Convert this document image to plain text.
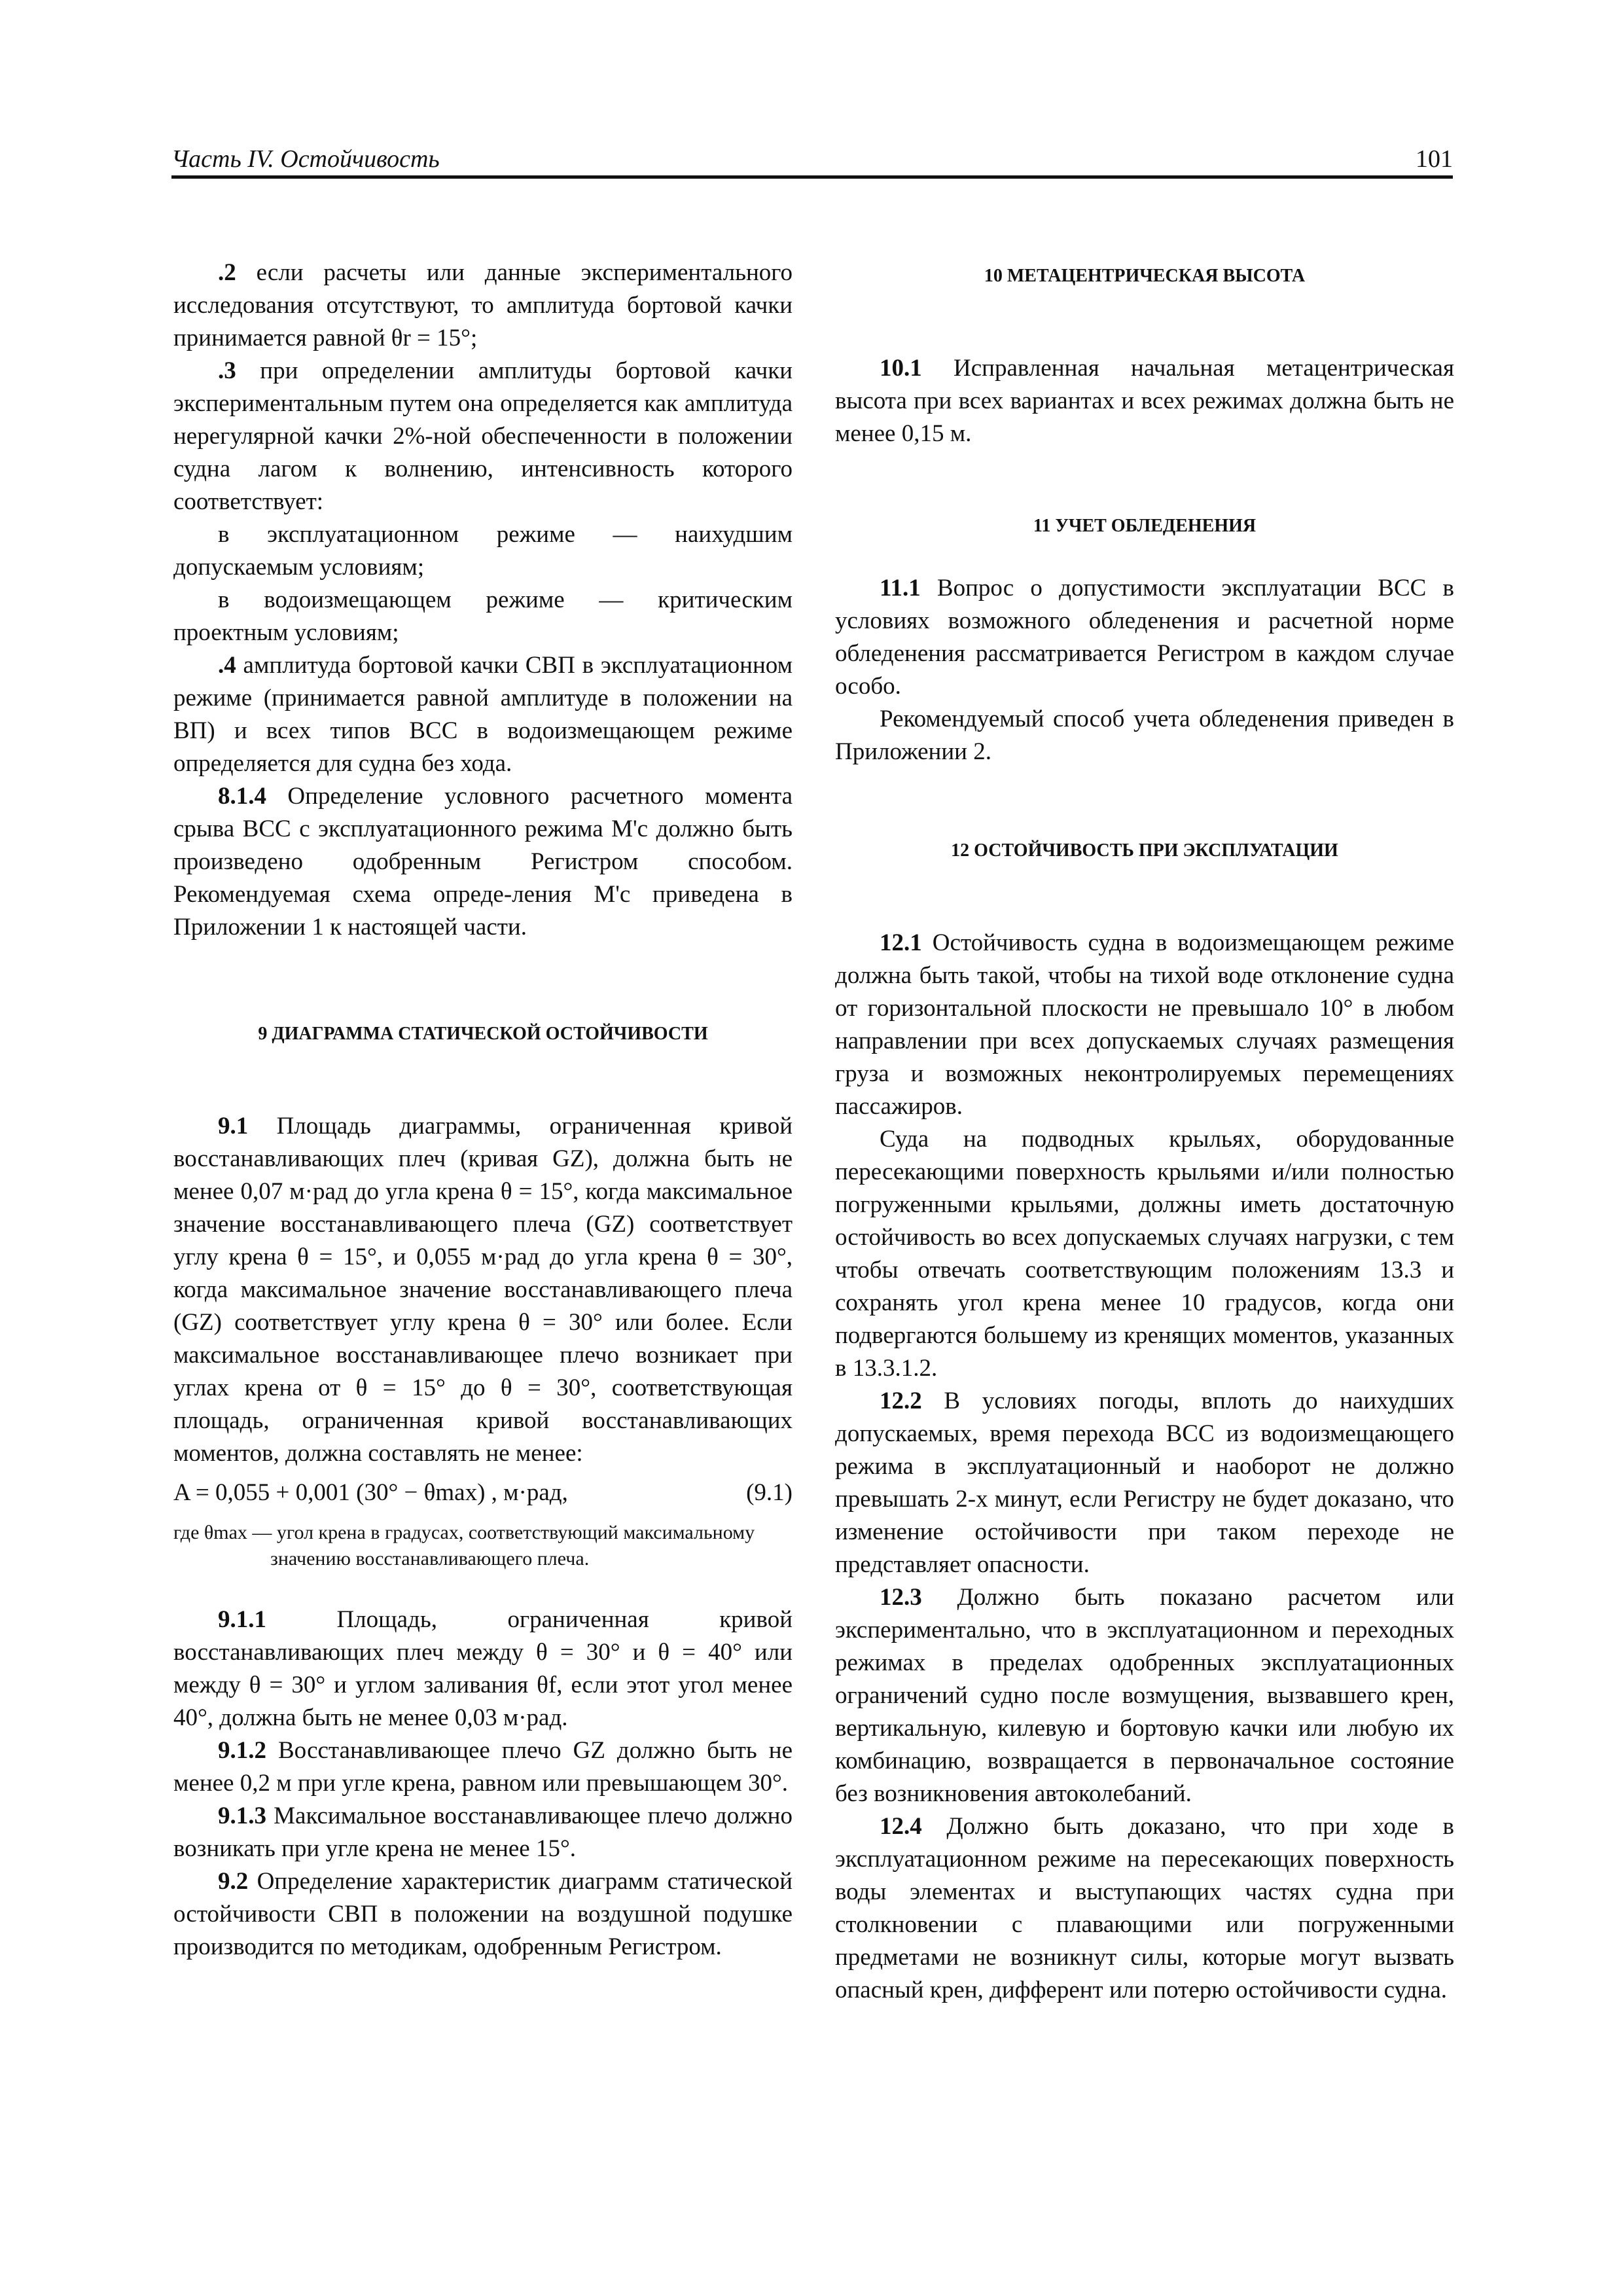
Часть IV. Остойчивость	101

.2 если расчеты или данные экспериментального исследования отсутствуют, то амплитуда бортовой качки принимается равной θr = 15°;

.3 при определении амплитуды бортовой качки экспериментальным путем она определяется как амплитуда нерегулярной качки 2%-ной обеспеченности в положении судна лагом к волнению, интенсивность которого соответствует:

в эксплуатационном режиме — наихудшим допускаемым условиям;

в водоизмещающем режиме — критическим проектным условиям;

.4 амплитуда бортовой качки СВП в эксплуатационном режиме (принимается равной амплитуде в положении на ВП) и всех типов ВСС в водоизмещающем режиме определяется для судна без хода.

8.1.4 Определение условного расчетного момента срыва ВСС с эксплуатационного режима M'c должно быть произведено одобренным Регистром способом. Рекомендуемая схема опреде-ления M'c приведена в Приложении 1 к настоящей части.

9 ДИАГРАММА СТАТИЧЕСКОЙ ОСТОЙЧИВОСТИ

9.1 Площадь диаграммы, ограниченная кривой восстанавливающих плеч (кривая GZ), должна быть не менее 0,07 м·рад до угла крена θ = 15°, когда максимальное значение восстанавливающего плеча (GZ) соответствует углу крена θ = 15°, и 0,055 м·рад до угла крена θ = 30°, когда максимальное значение восстанавливающего плеча (GZ) соответствует углу крена θ = 30° или более. Если максимальное восстанавливающее плечо возникает при углах крена от θ = 15° до θ = 30°, соответствующая площадь, ограниченная кривой восстанавливающих моментов, должна составлять не менее:

A = 0,055 + 0,001 (30° − θmax) , м·рад,	(9.1)

где θmax — угол крена в градусах, соответствующий максимальному
значению восстанавливающего плеча.

9.1.1 Площадь, ограниченная кривой восстанавливающих плеч между θ = 30° и θ = 40° или между θ = 30° и углом заливания θf, если этот угол менее 40°, должна быть не менее 0,03 м·рад.

9.1.2 Восстанавливающее плечо GZ должно быть не менее 0,2 м при угле крена, равном или превышающем 30°.

9.1.3 Максимальное восстанавливающее плечо должно возникать при угле крена не менее 15°.

9.2 Определение характеристик диаграмм статической остойчивости СВП в положении на воздушной подушке производится по методикам, одобренным Регистром.

10 МЕТАЦЕНТРИЧЕСКАЯ ВЫСОТА

10.1 Исправленная начальная метацентрическая высота при всех вариантах и всех режимах должна быть не менее 0,15 м.

11 УЧЕТ ОБЛЕДЕНЕНИЯ

11.1 Вопрос о допустимости эксплуатации ВСС в условиях возможного обледенения и расчетной норме обледенения рассматривается Регистром в каждом случае особо.

Рекомендуемый способ учета обледенения приведен в Приложении 2.

12 ОСТОЙЧИВОСТЬ ПРИ ЭКСПЛУАТАЦИИ

12.1 Остойчивость судна в водоизмещающем режиме должна быть такой, чтобы на тихой воде отклонение судна от горизонтальной плоскости не превышало 10° в любом направлении при всех допускаемых случаях размещения груза и возможных неконтролируемых перемещениях пассажиров.

Суда на подводных крыльях, оборудованные пересекающими поверхность крыльями и/или полностью погруженными крыльями, должны иметь достаточную остойчивость во всех допускаемых случаях нагрузки, с тем чтобы отвечать соответствующим положениям 13.3 и сохранять угол крена менее 10 градусов, когда они подвергаются большему из кренящих моментов, указанных в 13.3.1.2.

12.2 В условиях погоды, вплоть до наихудших допускаемых, время перехода ВСС из водоизмещающего режима в эксплуатационный и наоборот не должно превышать 2-х минут, если Регистру не будет доказано, что изменение остойчивости при таком переходе не представляет опасности.

12.3 Должно быть показано расчетом или экспериментально, что в эксплуатационном и переходных режимах в пределах одобренных эксплуатационных ограничений судно после возмущения, вызвавшего крен, вертикальную, килевую и бортовую качки или любую их комбинацию, возвращается в первоначальное состояние без возникновения автоколебаний.

12.4 Должно быть доказано, что при ходе в эксплуатационном режиме на пересекающих поверхность воды элементах и выступающих частях судна при столкновении с плавающими или погруженными предметами не возникнут силы, которые могут вызвать опасный крен, дифферент или потерю остойчивости судна.
